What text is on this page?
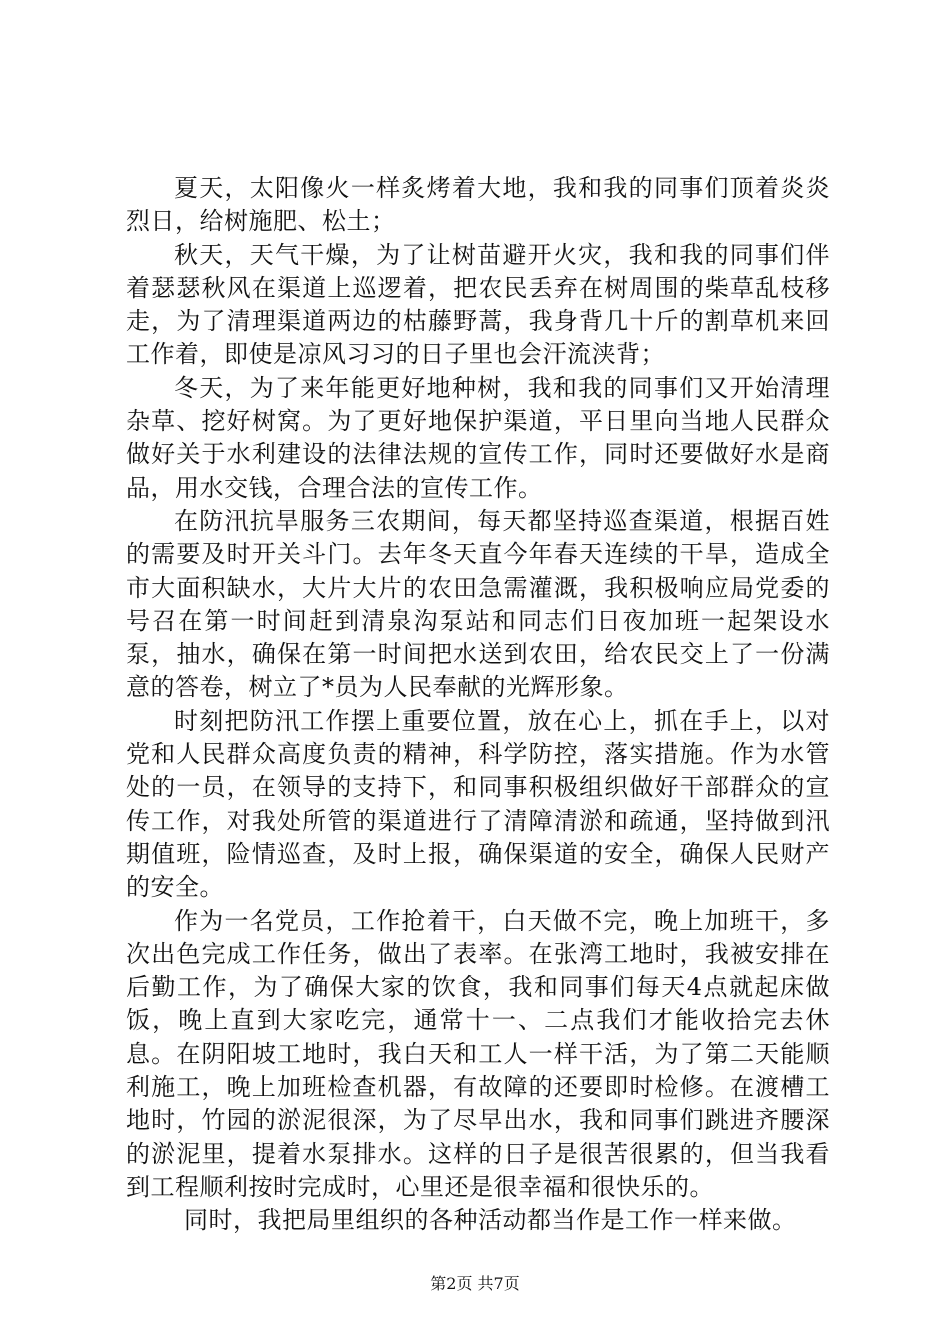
夏天，太阳像火一样炙烤着大地，我和我的同事们顶着炎炎烈日，给树施肥、松土；

秋天，天气干燥，为了让树苗避开火灾，我和我的同事们伴着瑟瑟秋风在渠道上巡逻着，把农民丢弃在树周围的柴草乱枝移走，为了清理渠道两边的枯藤野蒿，我身背几十斤的割草机来回工作着，即使是凉风习习的日子里也会汗流浃背；

冬天，为了来年能更好地种树，我和我的同事们又开始清理杂草、挖好树窝。为了更好地保护渠道，平日里向当地人民群众做好关于水利建设的法律法规的宣传工作，同时还要做好水是商品，用水交钱，合理合法的宣传工作。

在防汛抗旱服务三农期间，每天都坚持巡查渠道，根据百姓的需要及时开关斗门。去年冬天直今年春天连续的干旱，造成全市大面积缺水，大片大片的农田急需灌溉，我积极响应局党委的号召在第一时间赶到清泉沟泵站和同志们日夜加班一起架设水泵，抽水，确保在第一时间把水送到农田，给农民交上了一份满意的答卷，树立了*员为人民奉献的光辉形象。

时刻把防汛工作摆上重要位置，放在心上，抓在手上，以对党和人民群众高度负责的精神，科学防控，落实措施。作为水管处的一员，在领导的支持下，和同事积极组织做好干部群众的宣传工作，对我处所管的渠道进行了清障清淤和疏通，坚持做到汛期值班，险情巡查，及时上报，确保渠道的安全，确保人民财产的安全。

作为一名党员，工作抢着干，白天做不完，晚上加班干，多次出色完成工作任务，做出了表率。在张湾工地时，我被安排在后勤工作，为了确保大家的饮食，我和同事们每天4点就起床做饭，晚上直到大家吃完，通常十一、二点我们才能收拾完去休息。在阴阳坡工地时，我白天和工人一样干活，为了第二天能顺利施工，晚上加班检查机器，有故障的还要即时检修。在渡槽工地时，竹园的淤泥很深，为了尽早出水，我和同事们跳进齐腰深的淤泥里，提着水泵排水。这样的日子是很苦很累的，但当我看到工程顺利按时完成时，心里还是很幸福和很快乐的。

同时，我把局里组织的各种活动都当作是工作一样来做。

第2页 共7页
